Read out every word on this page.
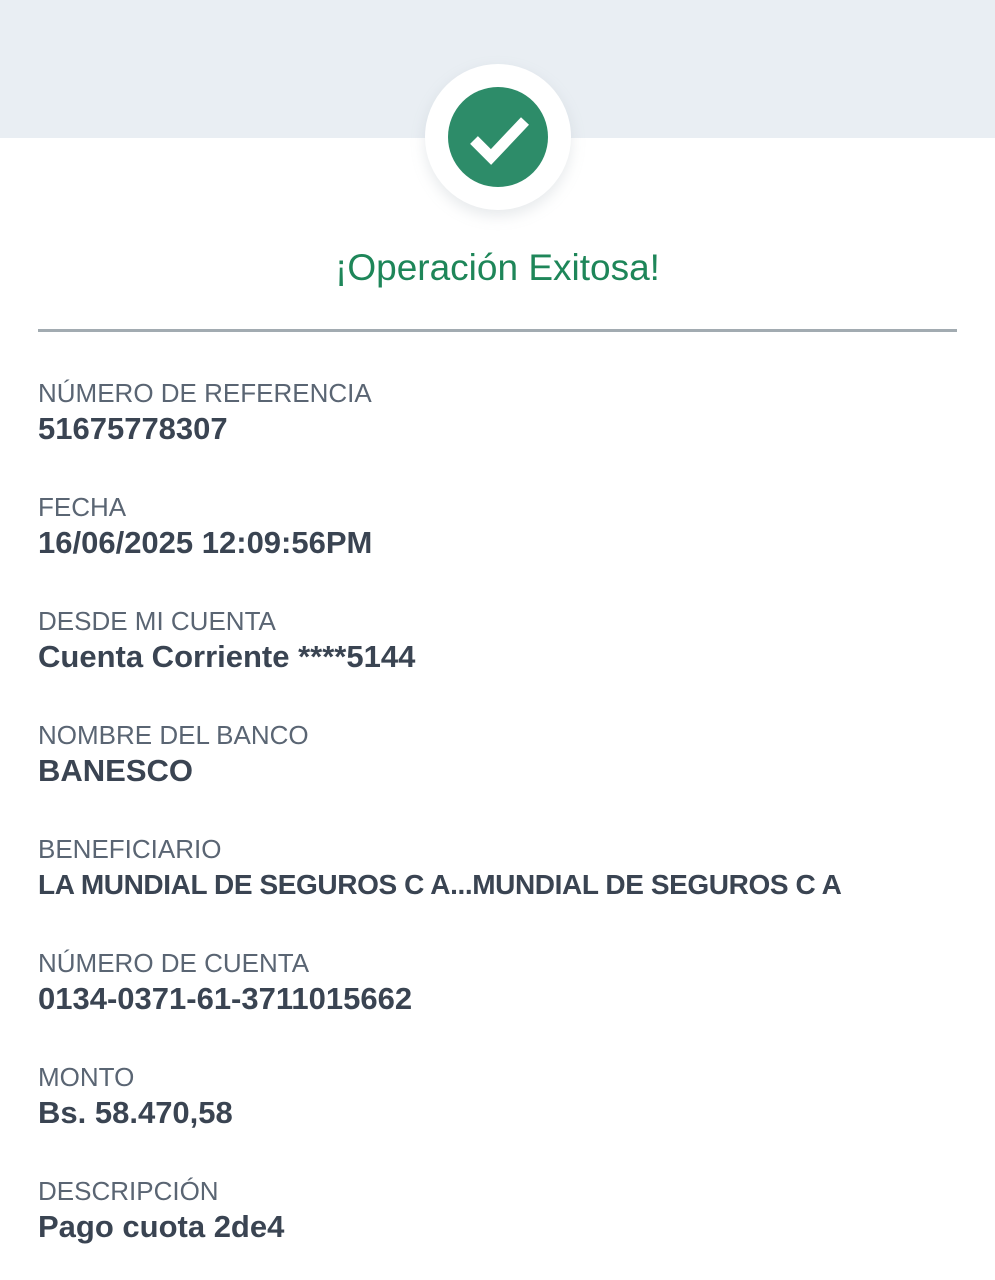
¡Operación Exitosa!
NÚMERO DE REFERENCIA
51675778307
FECHA
16/06/2025 12:09:56PM
DESDE MI CUENTA
Cuenta Corriente ****5144
NOMBRE DEL BANCO
BANESCO
BENEFICIARIO
LA MUNDIAL DE SEGUROS C A...MUNDIAL DE SEGUROS C A
NÚMERO DE CUENTA
0134-0371-61-3711015662
MONTO
Bs. 58.470,58
DESCRIPCIÓN
Pago cuota 2de4
